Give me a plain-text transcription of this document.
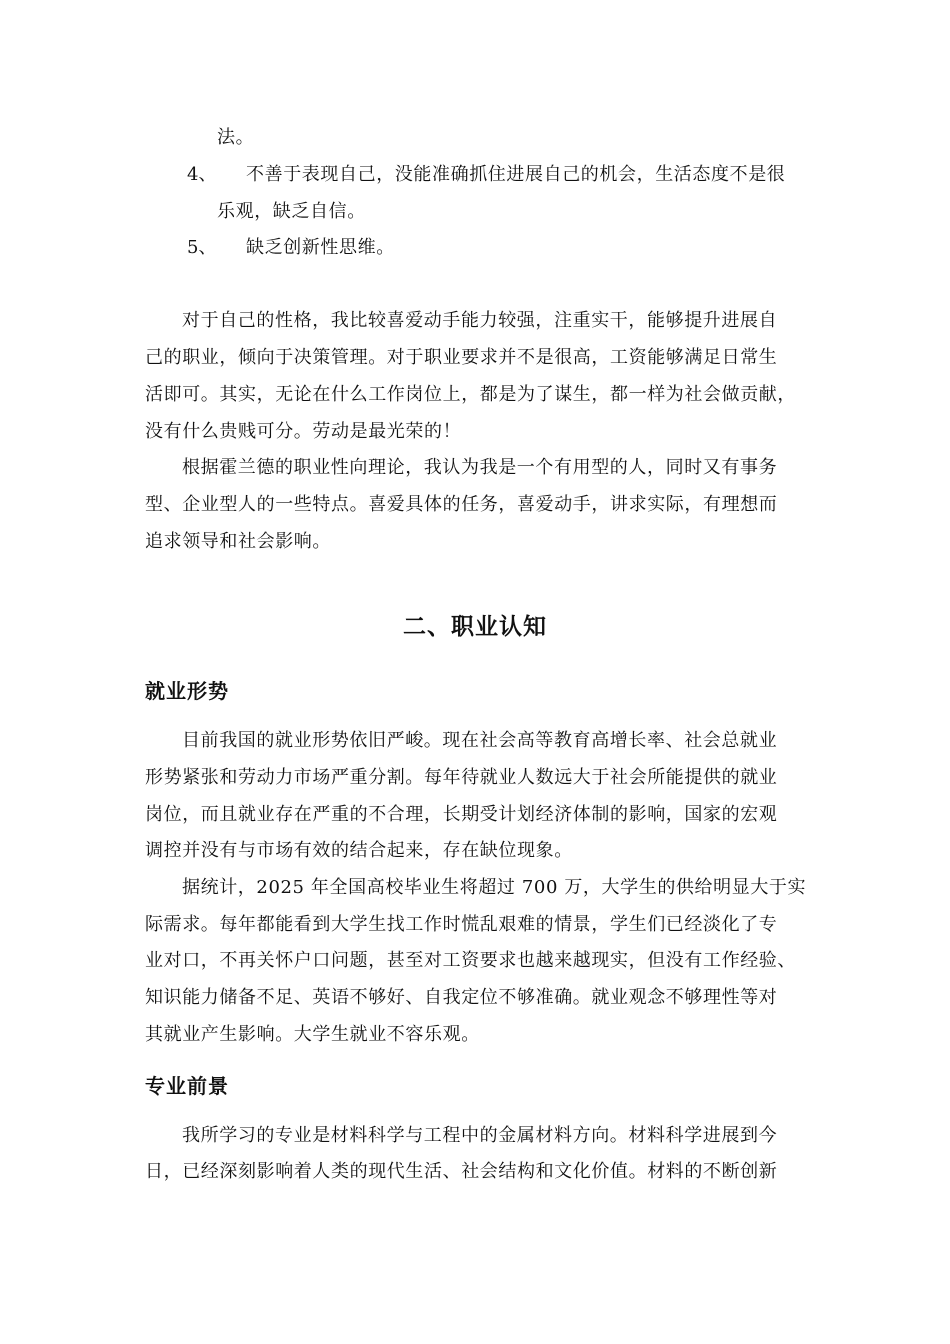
法。
4、 不善于表现自己，没能准确抓住进展自己的机会，生活态度不是很
乐观，缺乏自信。
5、 缺乏创新性思维。
对于自己的性格，我比较喜爱动手能力较强，注重实干，能够提升进展自
己的职业，倾向于决策管理。对于职业要求并不是很高，工资能够满足日常生
活即可。其实，无论在什么工作岗位上，都是为了谋生，都一样为社会做贡献，
没有什么贵贱可分。劳动是最光荣的！
根据霍兰德的职业性向理论，我认为我是一个有用型的人，同时又有事务
型、企业型人的一些特点。喜爱具体的任务，喜爱动手，讲求实际，有理想而
追求领导和社会影响。
二、职业认知
就业形势
目前我国的就业形势依旧严峻。现在社会高等教育高增长率、社会总就业
形势紧张和劳动力市场严重分割。每年待就业人数远大于社会所能提供的就业
岗位，而且就业存在严重的不合理，长期受计划经济体制的影响，国家的宏观
调控并没有与市场有效的结合起来，存在缺位现象。
据统计，2025 年全国高校毕业生将超过 700 万，大学生的供给明显大于实
际需求。每年都能看到大学生找工作时慌乱艰难的情景，学生们已经淡化了专
业对口，不再关怀户口问题，甚至对工资要求也越来越现实，但没有工作经验、
知识能力储备不足、英语不够好、自我定位不够准确。就业观念不够理性等对
其就业产生影响。大学生就业不容乐观。
专业前景
我所学习的专业是材料科学与工程中的金属材料方向。材料科学进展到今
日，已经深刻影响着人类的现代生活、社会结构和文化价值。材料的不断创新
